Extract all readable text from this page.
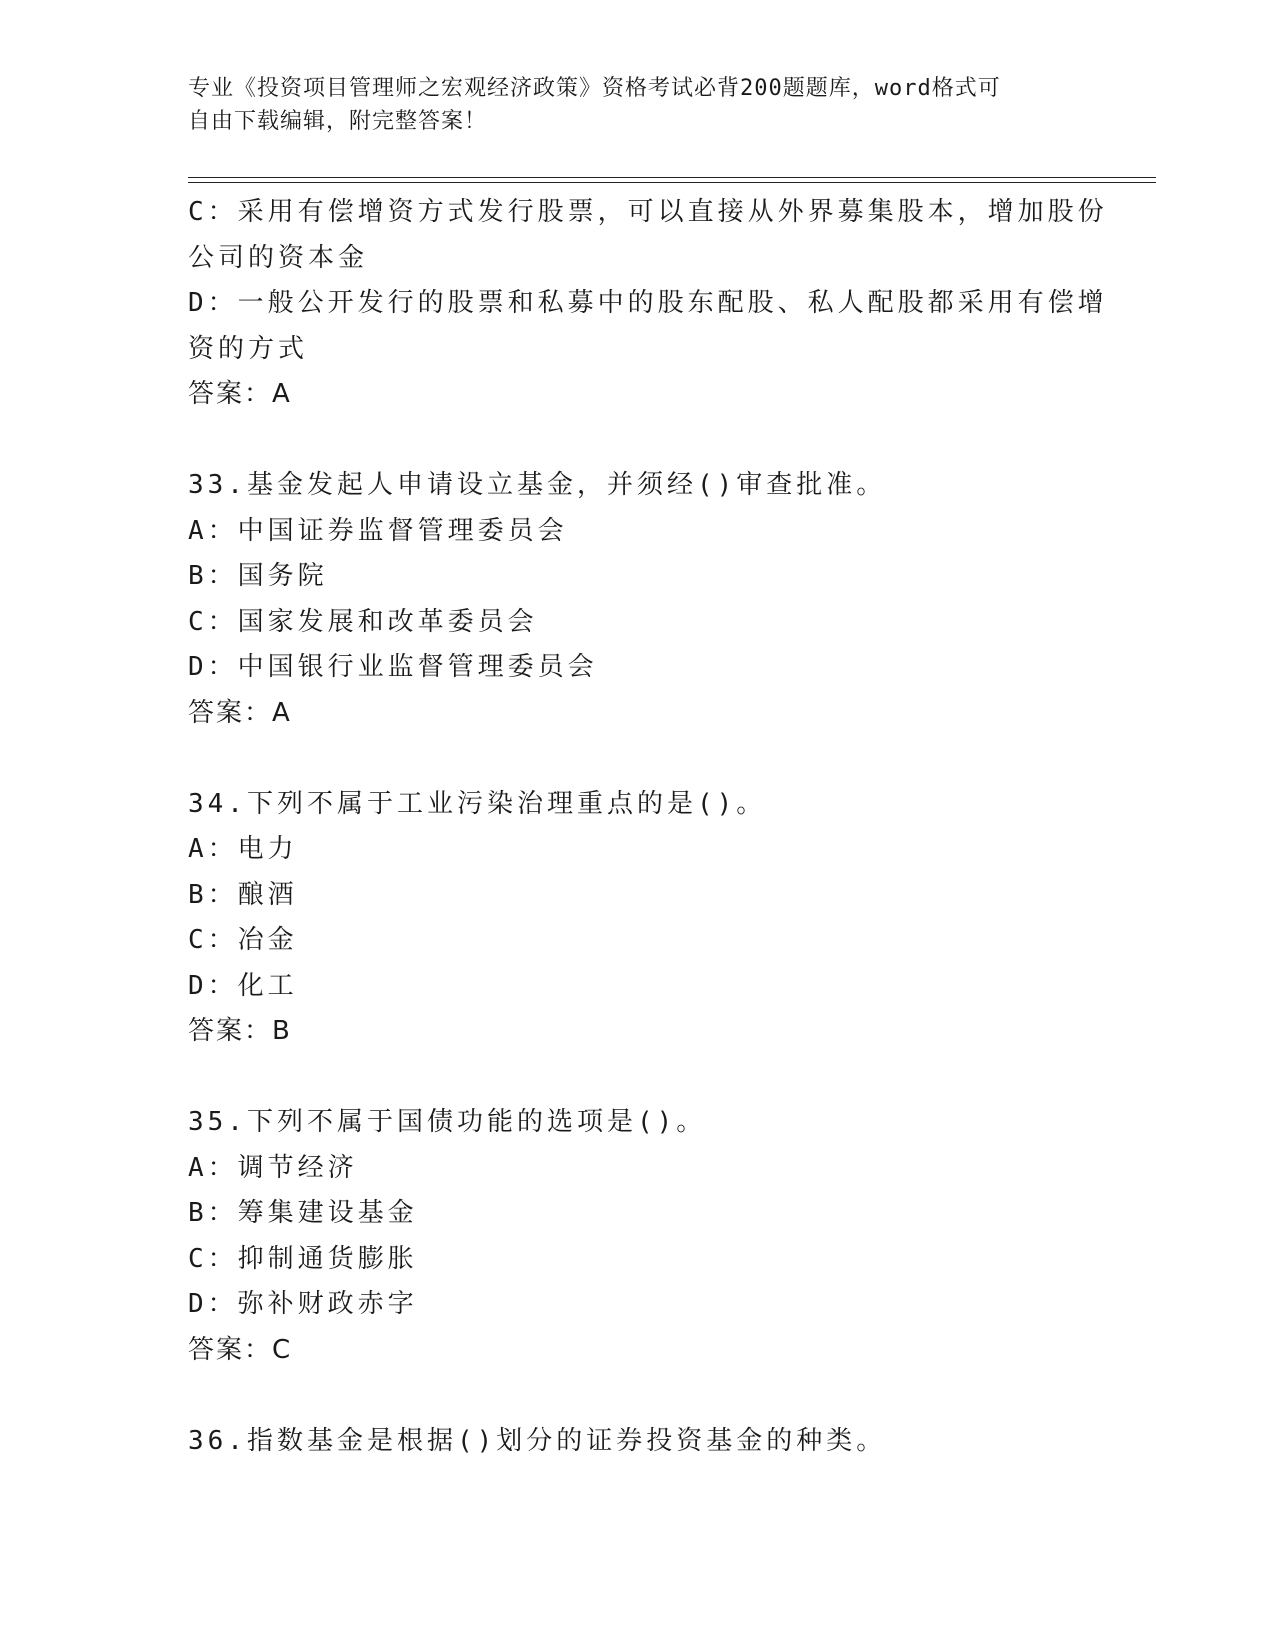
专业《投资项目管理师之宏观经济政策》资格考试必背200题题库，word格式可
自由下载编辑，附完整答案！
C：采用有偿增资方式发行股票，可以直接从外界募集股本，增加股份
公司的资本金
D：一般公开发行的股票和私募中的股东配股、私人配股都采用有偿增
资的方式
答案：A
33.基金发起人申请设立基金，并须经()审查批准。
A：中国证券监督管理委员会
B：国务院
C：国家发展和改革委员会
D：中国银行业监督管理委员会
答案：A
34.下列不属于工业污染治理重点的是()。
A：电力
B：酿酒
C：冶金
D：化工
答案：B
35.下列不属于国债功能的选项是()。
A：调节经济
B：筹集建设基金
C：抑制通货膨胀
D：弥补财政赤字
答案：C
36.指数基金是根据()划分的证券投资基金的种类。
